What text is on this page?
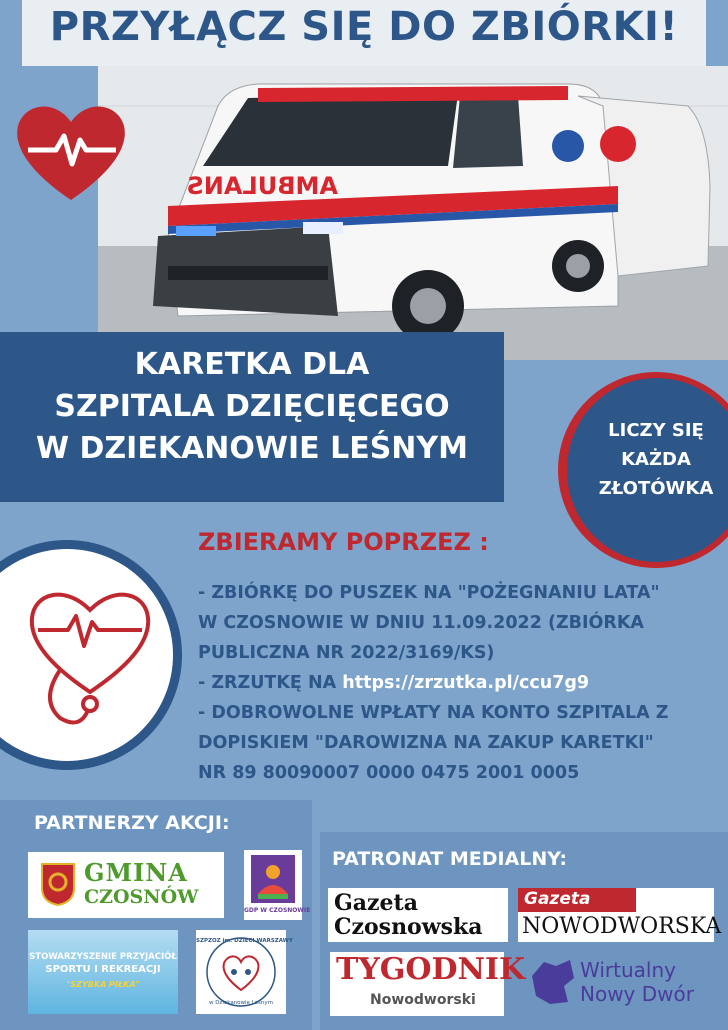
PRZYŁĄCZ SIĘ DO ZBIÓRKI!
AMBULANS
KARETKA DLA
SZPITALA DZIĘCIĘCEGO
W DZIEKANOWIE LEŚNYM
LICZY SIĘ
KAŻDA
ZŁOTÓWKA
ZBIERAMY POPRZEZ :
- ZBIÓRKĘ DO PUSZEK NA "POŻEGNANIU LATA"
W CZOSNOWIE W DNIU 11.09.2022 (ZBIÓRKA
PUBLICZNA NR 2022/3169/KS)
- ZRZUTKĘ NA https://zrzutka.pl/ccu7g9
- DOBROWOLNE WPŁATY NA KONTO SZPITALA Z
DOPISKIEM "DAROWIZNA NA ZAKUP KARETKI"
NR 89 80090007 0000 0475 2001 0005
PARTNERZY AKCJI:
GMINA
CZOSNÓW
GDP W CZOSNOWIE
STOWARZYSZENIE PRZYJACIÓŁ
SPORTU I REKREACJI
"SZYBKA PIŁKA"
SZPZOZ im. DZIECI WARSZAWY
w Dziekanowie Leśnym
PATRONAT MEDIALNY:
Gazeta
Czosnowska
Gazeta
NOWODWORSKA
TYGODNIK
Nowodworski
Wirtualny
Nowy Dwór
